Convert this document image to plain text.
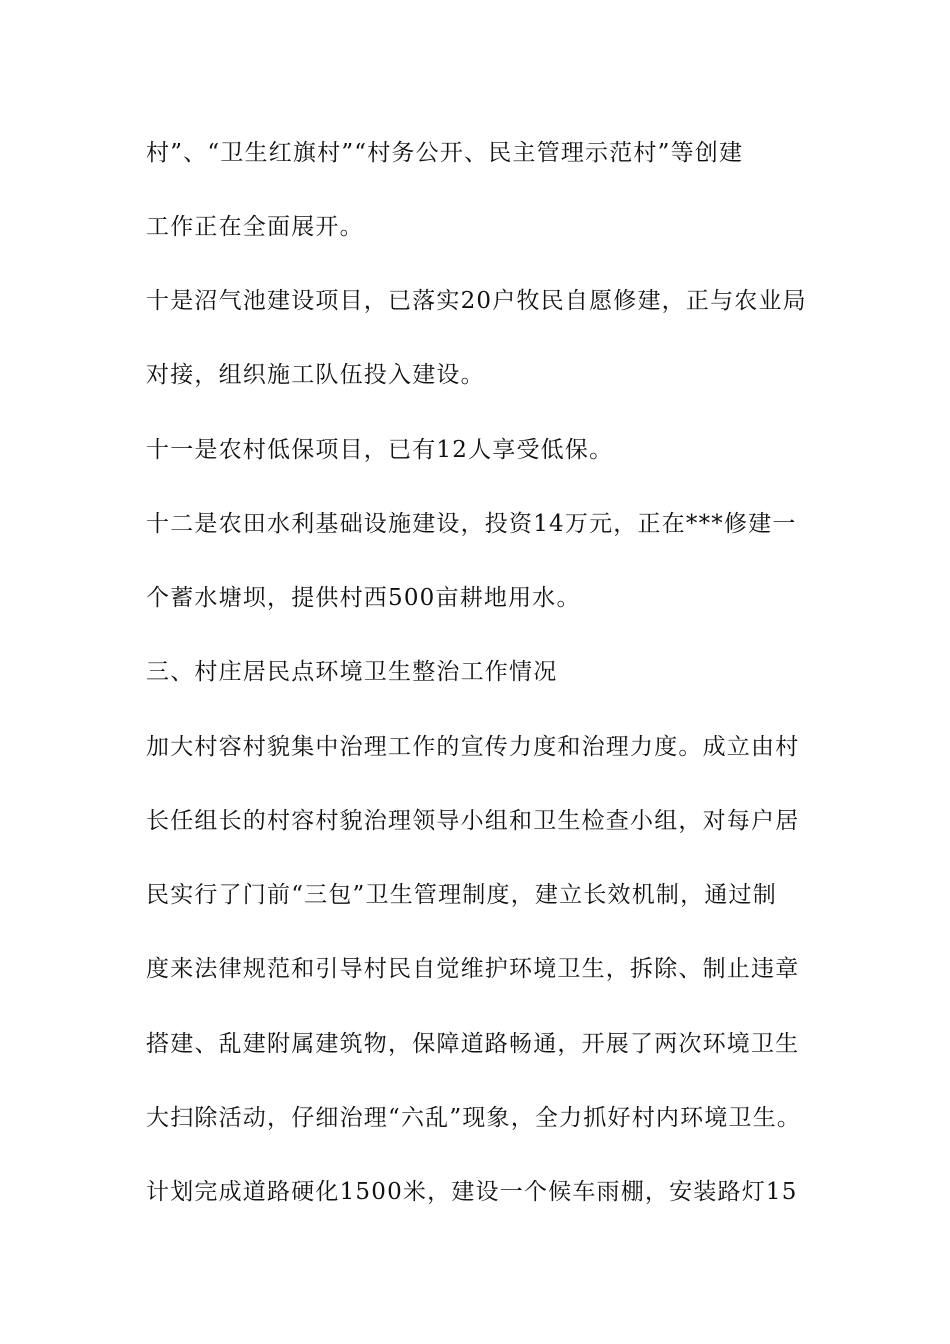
村”、“卫生红旗村”“村务公开、民主管理示范村”等创建
工作正在全面展开。
十是沼气池建设项目，已落实20户牧民自愿修建，正与农业局
对接，组织施工队伍投入建设。
十一是农村低保项目，已有12人享受低保。
十二是农田水利基础设施建设，投资14万元，正在***修建一
个蓄水塘坝，提供村西500亩耕地用水。
三、村庄居民点环境卫生整治工作情况
加大村容村貌集中治理工作的宣传力度和治理力度。成立由村
长任组长的村容村貌治理领导小组和卫生检查小组，对每户居
民实行了门前“三包”卫生管理制度，建立长效机制，通过制
度来法律规范和引导村民自觉维护环境卫生，拆除、制止违章
搭建、乱建附属建筑物，保障道路畅通，开展了两次环境卫生
大扫除活动，仔细治理“六乱”现象，全力抓好村内环境卫生。
计划完成道路硬化1500米，建设一个候车雨棚，安装路灯15
